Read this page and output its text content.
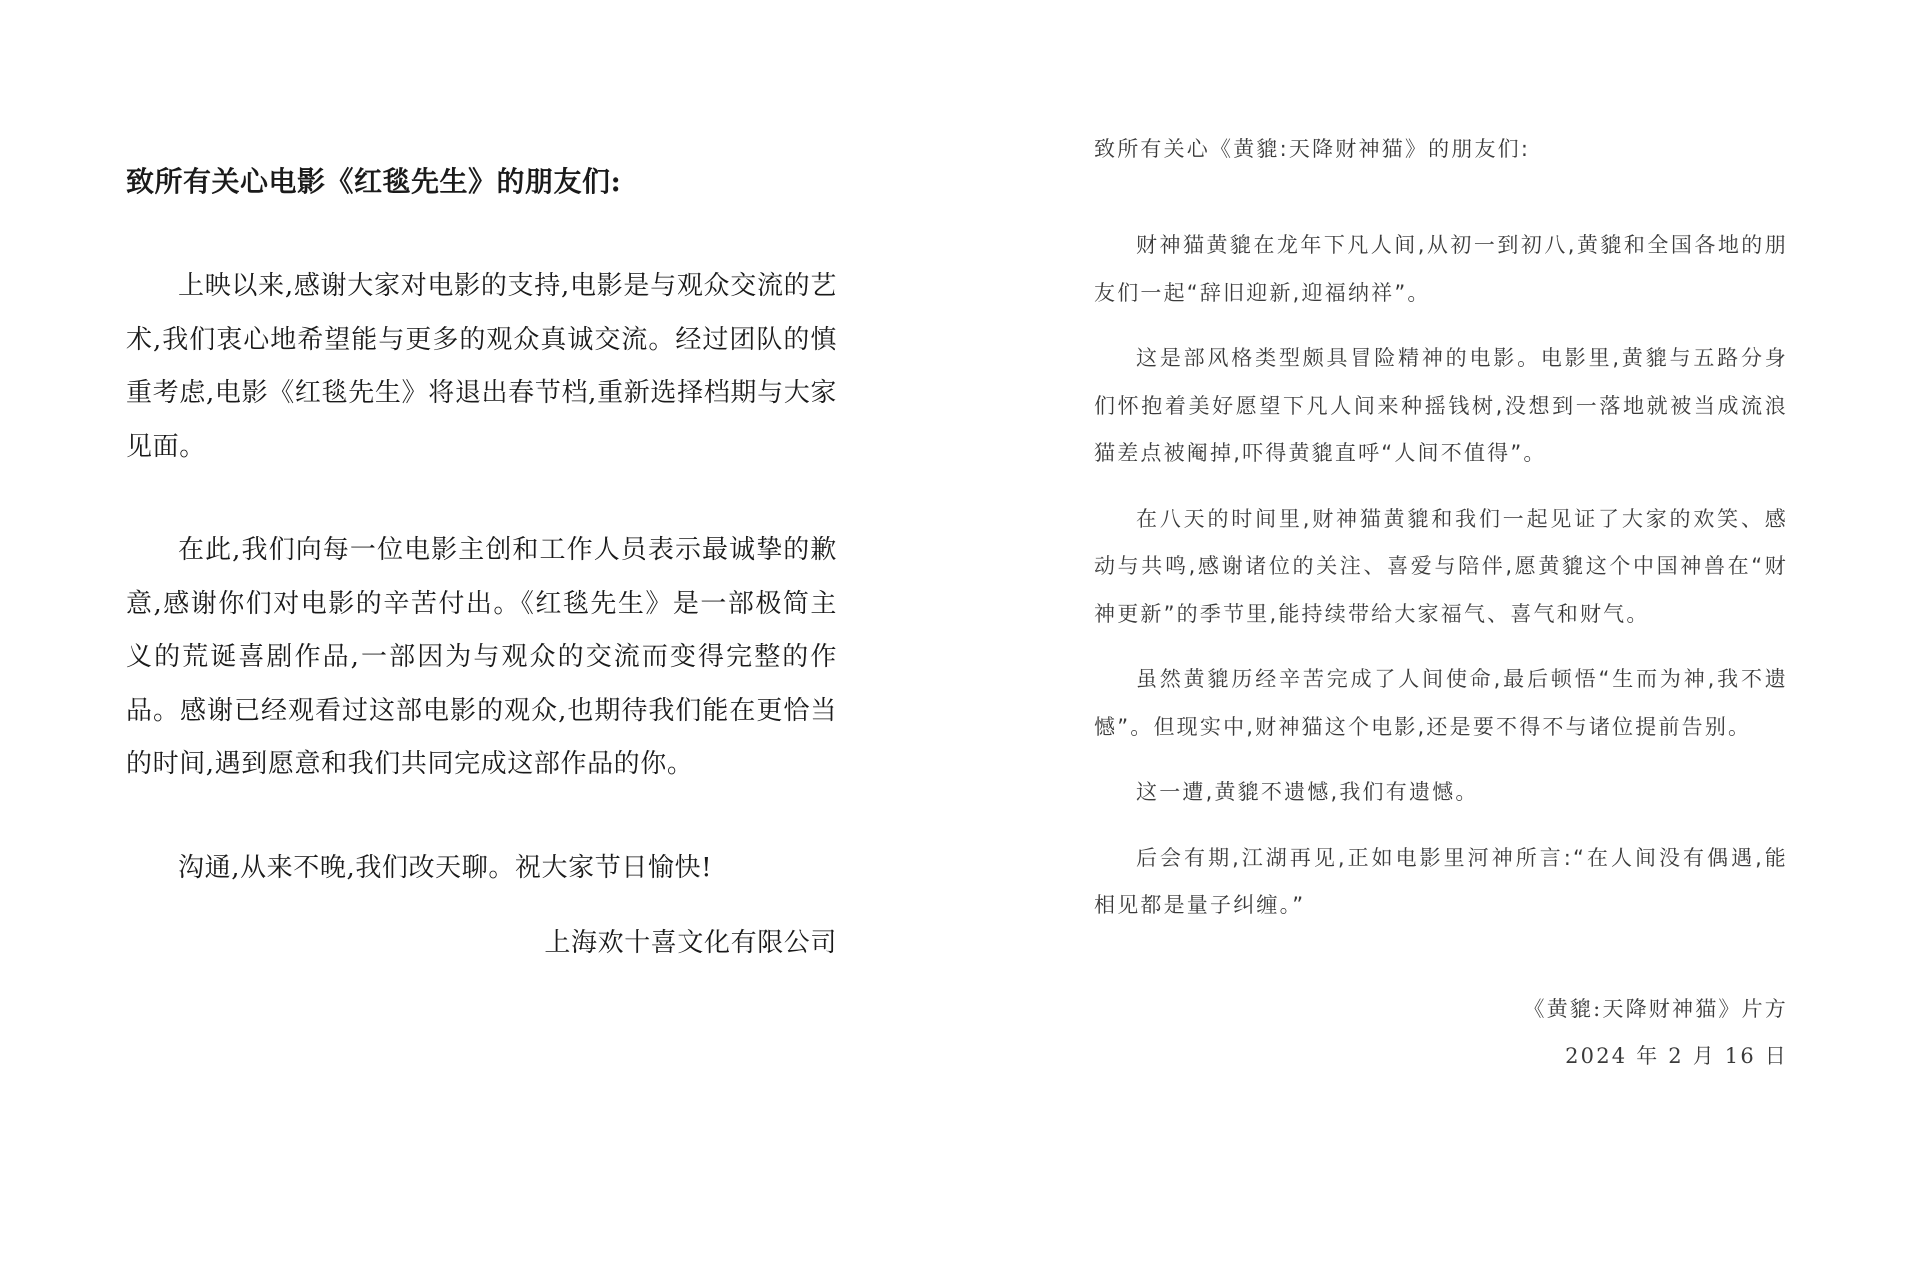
致所有关心电影《红毯先生》的朋友们:

上映以来,感谢大家对电影的支持,电影是与观众交流的艺术,我们衷心地希望能与更多的观众真诚交流。经过团队的慎重考虑,电影《红毯先生》将退出春节档,重新选择档期与大家见面。

在此,我们向每一位电影主创和工作人员表示最诚挚的歉意,感谢你们对电影的辛苦付出。《红毯先生》是一部极简主义的荒诞喜剧作品,一部因为与观众的交流而变得完整的作品。感谢已经观看过这部电影的观众,也期待我们能在更恰当的时间,遇到愿意和我们共同完成这部作品的你。

沟通,从来不晚,我们改天聊。祝大家节日愉快!

上海欢十喜文化有限公司

致所有关心《黄貔:天降财神猫》的朋友们:

财神猫黄貔在龙年下凡人间,从初一到初八,黄貔和全国各地的朋友们一起“辞旧迎新,迎福纳祥”。

这是部风格类型颇具冒险精神的电影。电影里,黄貔与五路分身们怀抱着美好愿望下凡人间来种摇钱树,没想到一落地就被当成流浪猫差点被阉掉,吓得黄貔直呼“人间不值得”。

在八天的时间里,财神猫黄貔和我们一起见证了大家的欢笑、感动与共鸣,感谢诸位的关注、喜爱与陪伴,愿黄貔这个中国神兽在“财神更新”的季节里,能持续带给大家福气、喜气和财气。

虽然黄貔历经辛苦完成了人间使命,最后顿悟“生而为神,我不遗憾”。但现实中,财神猫这个电影,还是要不得不与诸位提前告别。

这一遭,黄貔不遗憾,我们有遗憾。

后会有期,江湖再见,正如电影里河神所言:“在人间没有偶遇,能相见都是量子纠缠。”

《黄貔:天降财神猫》片方

2024 年 2 月 16 日
